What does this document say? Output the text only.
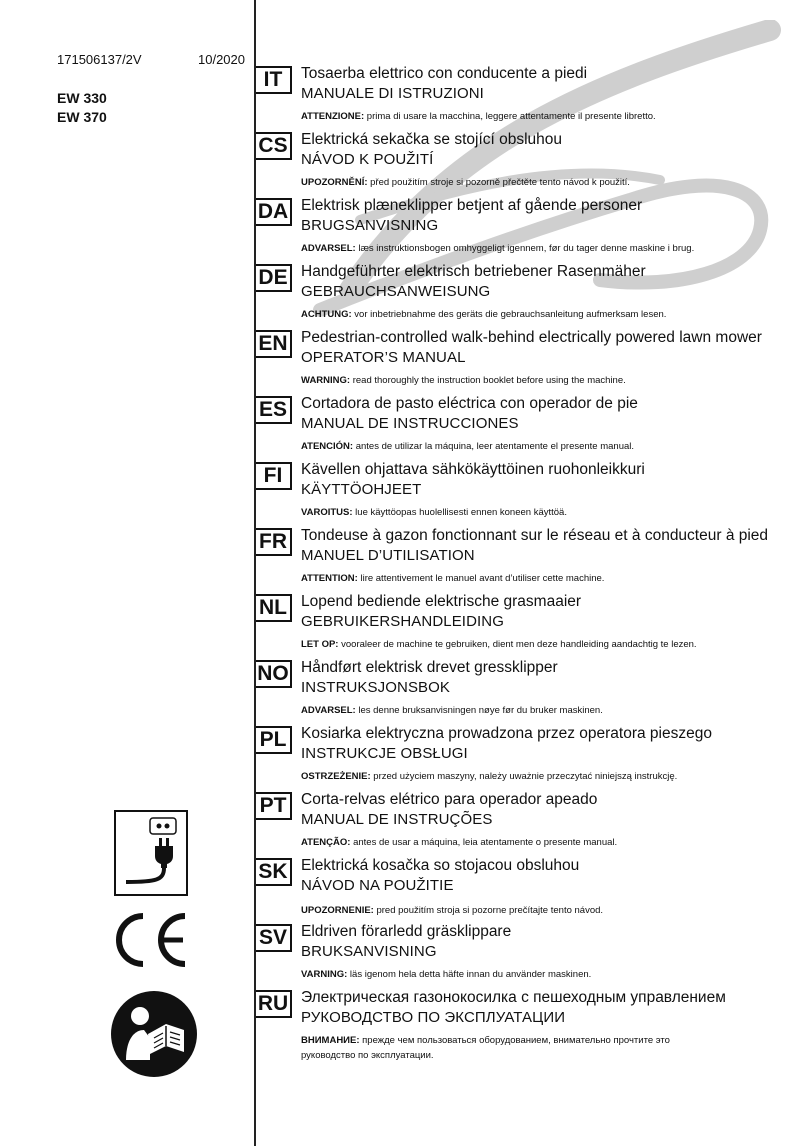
171506137/2V	10/2020
EW 330
EW 370
IT	Tosaerba elettrico con conducente a piedi
MANUALE DI ISTRUZIONI
ATTENZIONE: prima di usare la macchina, leggere attentamente il presente libretto.
CS Elektrická sekačka se stojící obsluhou
NÁVOD K POUŽITÍ
UPOZORNĚNÍ: před použitím stroje si pozorně přečtěte tento návod k použití.
DA Elektrisk plæneklipper betjent af gående personer
BRUGSANVISNING
ADVARSEL: læs instruktionsbogen omhyggeligt igennem, før du tager denne maskine i brug.
DE Handgeführter elektrisch betriebener Rasenmäher
GEBRAUCHSANWEISUNG
ACHTUNG: vor inbetriebnahme des geräts die gebrauchsanleitung aufmerksam lesen.
EN Pedestrian-controlled walk-behind electrically powered lawn mower
OPERATOR’S MANUAL
WARNING: read thoroughly the instruction booklet before using the machine.
ES Cortadora de pasto eléctrica con operador de pie
MANUAL DE INSTRUCCIONES
ATENCIÓN: antes de utilizar la máquina, leer atentamente el presente manual.
FI	Kävellen ohjattava sähkökäyttöinen ruohonleikkuri
KÄYTTÖOHJEET
VAROITUS: lue käyttöopas huolellisesti ennen koneen käyttöä.
FR Tondeuse à gazon fonctionnant sur le réseau et à conducteur à pied
MANUEL D’UTILISATION
ATTENTION: lire attentivement le manuel avant d’utiliser cette machine.
NL Lopend bediende elektrische grasmaaier
GEBRUIKERSHANDLEIDING
LET OP: vooraleer de machine te gebruiken, dient men deze handleiding aandachtig te lezen.
NO Håndført elektrisk drevet gressklipper
INSTRUKSJONSBOK
ADVARSEL: les denne bruksanvisningen nøye før du bruker maskinen.
PL Kosiarka elektryczna prowadzona przez operatora pieszego
INSTRUKCJE OBSŁUGI
OSTRZEŻENIE: przed użyciem maszyny, należy uważnie przeczytać niniejszą instrukcję.
PT Corta-relvas elétrico para operador apeado
MANUAL DE INSTRUÇÕES
ATENÇÃO: antes de usar a máquina, leia atentamente o presente manual.
SK Elektrická kosačka so stojacou obsluhou
NÁVOD NA POUŽITIE
UPOZORNENIE: pred použitím stroja si pozorne prečítajte tento návod.
SV Eldriven förarledd gräsklippare
BRUKSANVISNING
VARNING: läs igenom hela detta häfte innan du använder maskinen.
RU Электрическая газонокосилка с пешеходным управлением
РУКОВОДСТВО ПО ЭКСПЛУАТАЦИИ
ВНИМАНИЕ: прежде чем пользоваться оборудованием, внимательно прочтите это
руководство по эксплуатации.
